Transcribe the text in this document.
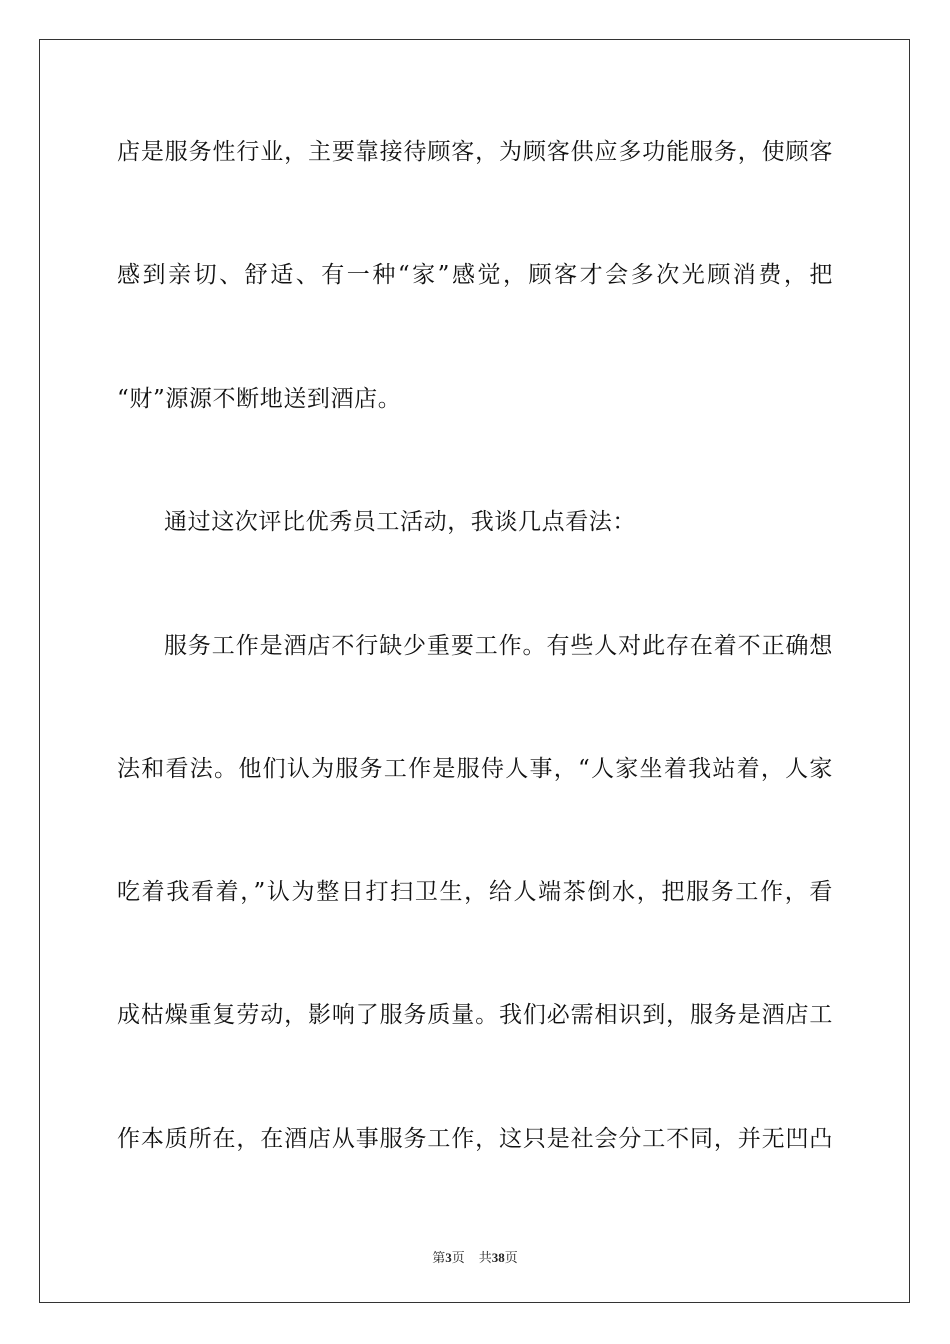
店是服务性行业，主要靠接待顾客，为顾客供应多功能服务，使顾客
感到亲切、舒适、有一种“家”感觉，顾客才会多次光顾消费，把
“财”源源不断地送到酒店。
通过这次评比优秀员工活动，我谈几点看法：
服务工作是酒店不行缺少重要工作。有些人对此存在着不正确想
法和看法。他们认为服务工作是服侍人事，“人家坐着我站着，人家
吃着我看着，”认为整日打扫卫生，给人端茶倒水，把服务工作，看
成枯燥重复劳动，影响了服务质量。我们必需相识到，服务是酒店工
作本质所在，在酒店从事服务工作，这只是社会分工不同，并无凹凸
第3页 共38页
